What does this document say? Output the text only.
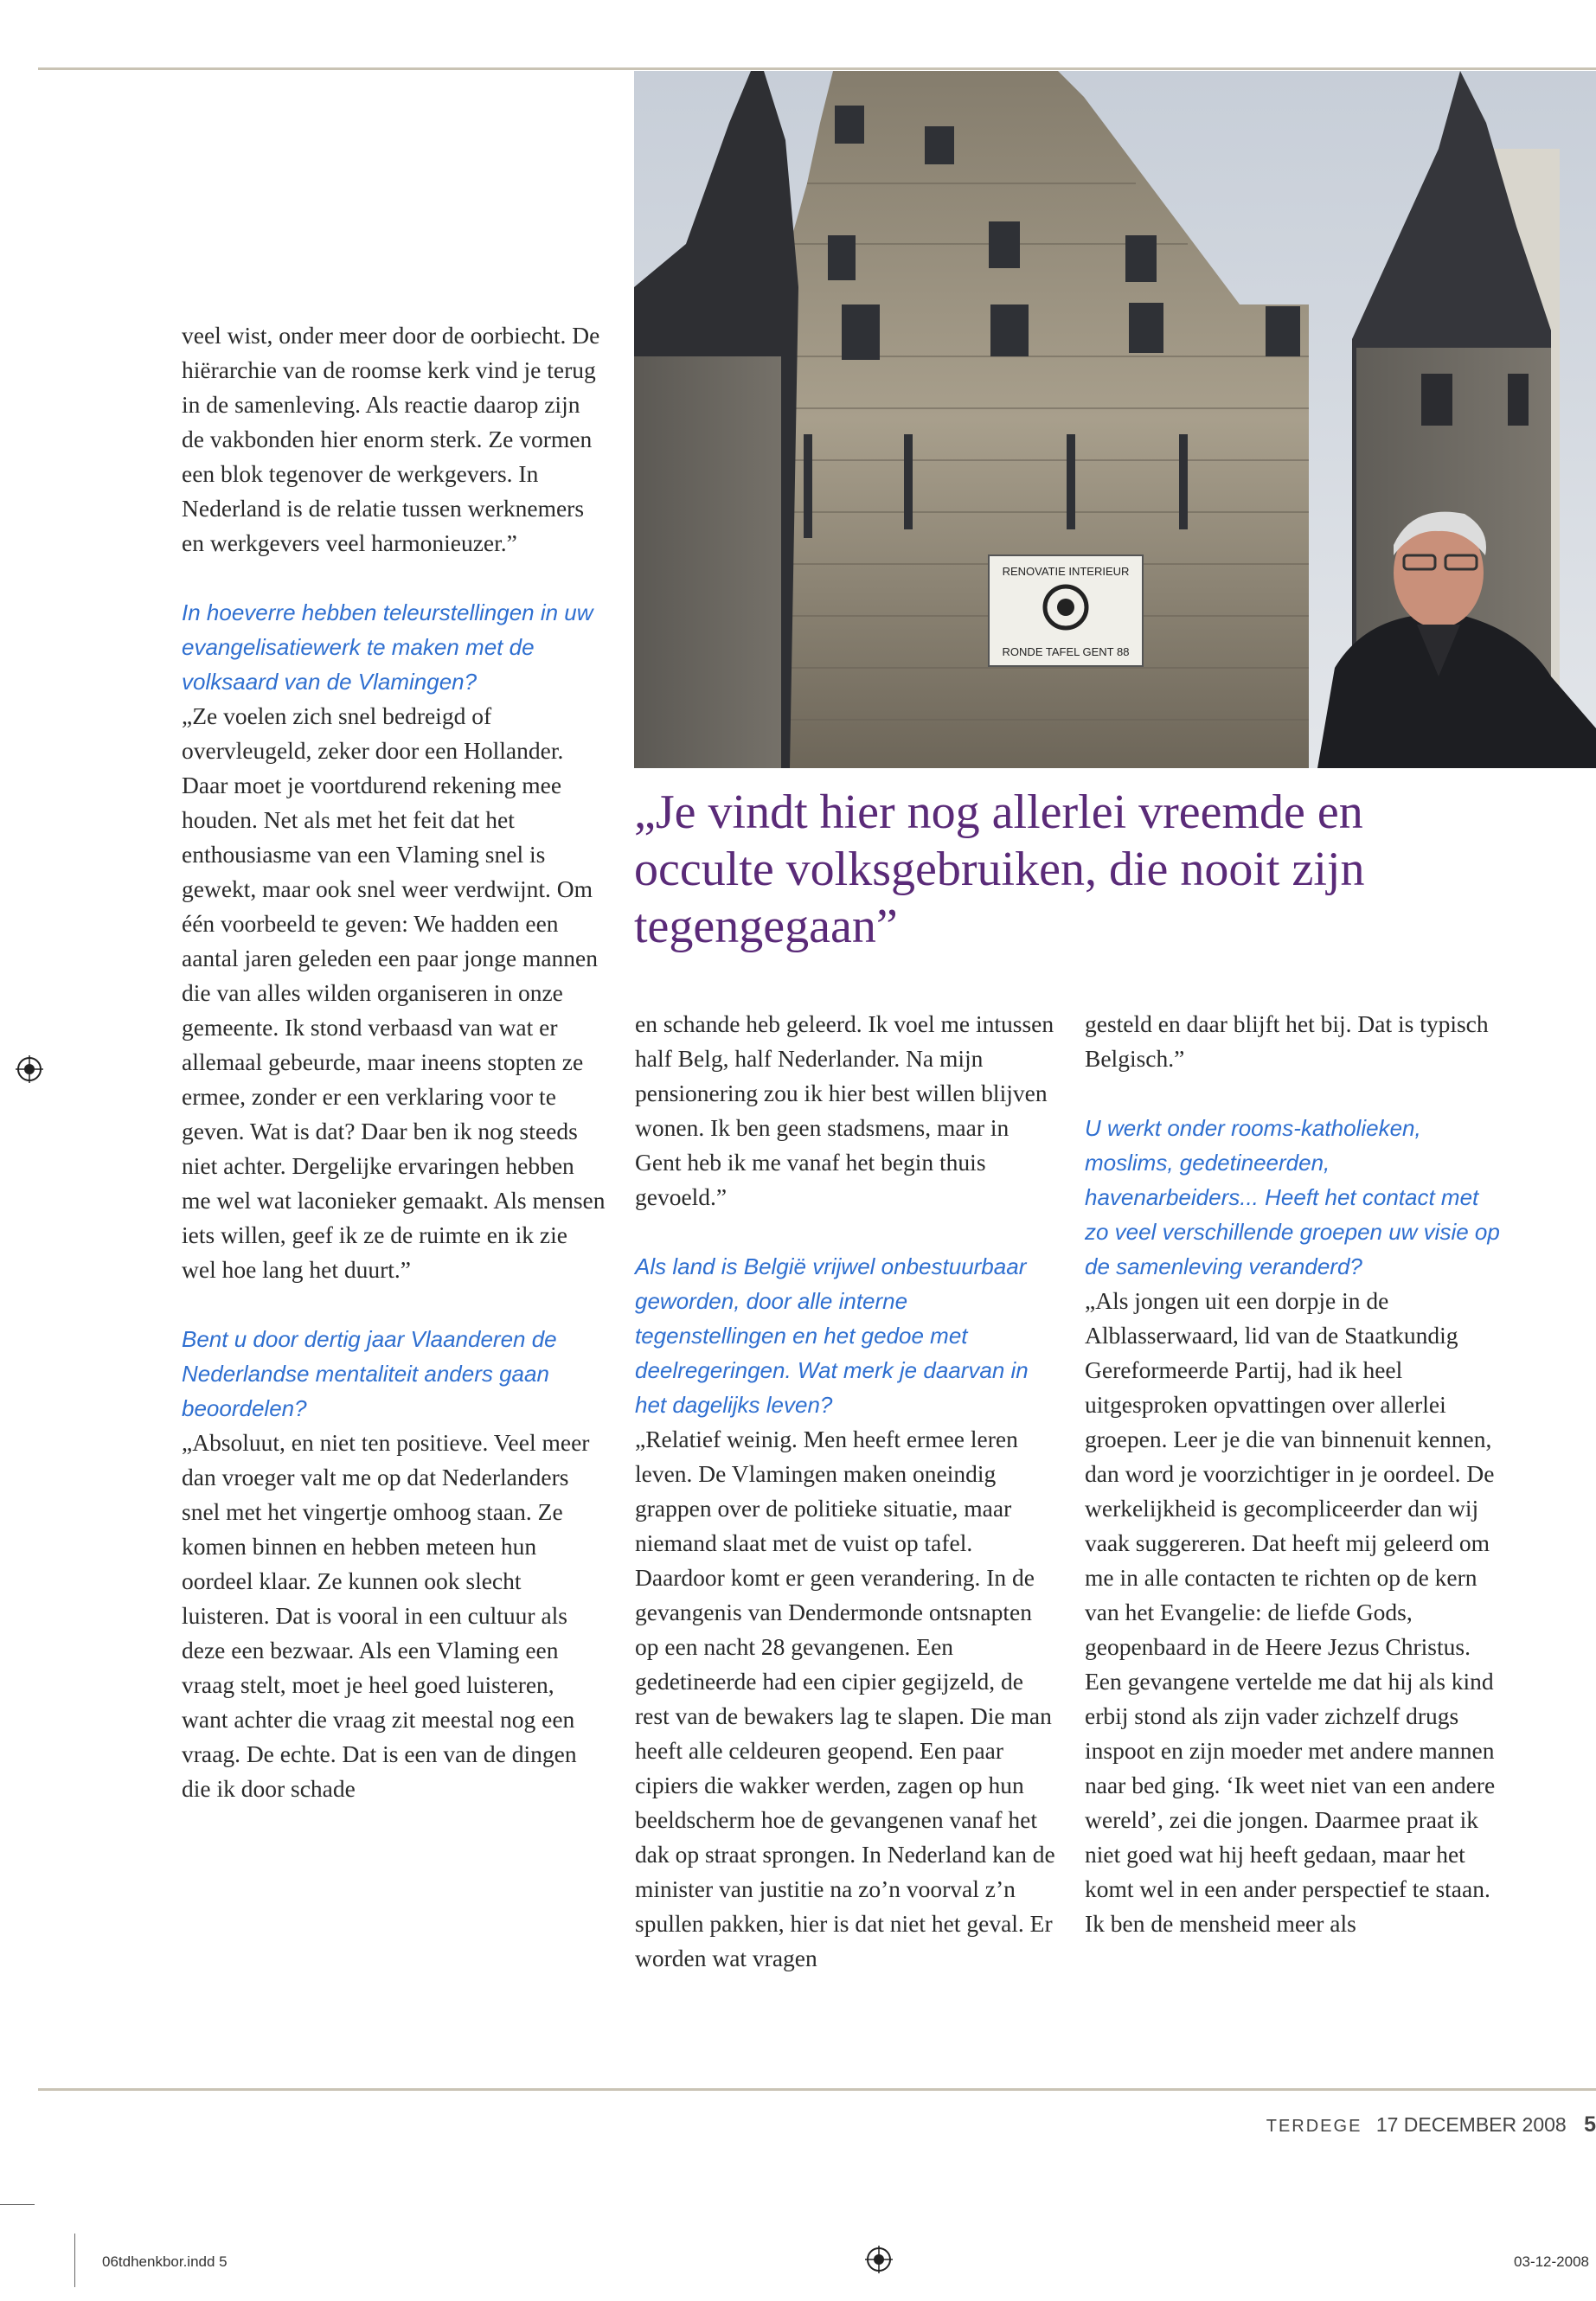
RENOVATIE INTERIEUR
RONDE TAFEL GENT 88
„Je vindt hier nog allerlei vreemde en occulte volksgebruiken, die nooit zijn tegengegaan”

veel wist, onder meer door de oorbiecht. De hiërarchie van de roomse kerk vind je terug in de samenleving. Als reactie daarop zijn de vakbonden hier enorm sterk. Ze vormen een blok tegenover de werkgevers. In Nederland is de relatie tussen werknemers en werkgevers veel harmonieuzer.”

In hoeverre hebben teleurstellingen in uw evangelisatiewerk te maken met de volksaard van de Vlamingen?

„Ze voelen zich snel bedreigd of overvleugeld, zeker door een Hollander. Daar moet je voortdurend rekening mee houden. Net als met het feit dat het enthousiasme van een Vlaming snel is gewekt, maar ook snel weer verdwijnt. Om één voorbeeld te geven: We hadden een aantal jaren geleden een paar jonge mannen die van alles wilden organiseren in onze gemeente. Ik stond verbaasd van wat er allemaal gebeurde, maar ineens stopten ze ermee, zonder er een verklaring voor te geven. Wat is dat? Daar ben ik nog steeds niet achter. Dergelijke ervaringen hebben me wel wat laconieker gemaakt. Als mensen iets willen, geef ik ze de ruimte en ik zie wel hoe lang het duurt.”

Bent u door dertig jaar Vlaanderen de Nederlandse mentaliteit anders gaan beoordelen?

„Absoluut, en niet ten positieve. Veel meer dan vroeger valt me op dat Nederlanders snel met het vingertje omhoog staan. Ze komen binnen en hebben meteen hun oordeel klaar. Ze kunnen ook slecht luisteren. Dat is vooral in een cultuur als deze een bezwaar. Als een Vlaming een vraag stelt, moet je heel goed luisteren, want achter die vraag zit meestal nog een vraag. De echte. Dat is een van de dingen die ik door schade

en schande heb geleerd. Ik voel me intussen half Belg, half Nederlander. Na mijn pensionering zou ik hier best willen blijven wonen. Ik ben geen stadsmens, maar in Gent heb ik me vanaf het begin thuis gevoeld.”

Als land is België vrijwel onbestuurbaar geworden, door alle interne tegenstellingen en het gedoe met deelregeringen. Wat merk je daarvan in het dagelijks leven?

„Relatief weinig. Men heeft ermee leren leven. De Vlamingen maken oneindig grappen over de politieke situatie, maar niemand slaat met de vuist op tafel. Daardoor komt er geen verandering. In de gevangenis van Dendermonde ontsnapten op een nacht 28 gevangenen. Een gedetineerde had een cipier gegijzeld, de rest van de bewakers lag te slapen. Die man heeft alle celdeuren geopend. Een paar cipiers die wakker werden, zagen op hun beeldscherm hoe de gevangenen vanaf het dak op straat sprongen. In Nederland kan de minister van justitie na zo’n voorval z’n spullen pakken, hier is dat niet het geval. Er worden wat vragen

gesteld en daar blijft het bij. Dat is typisch Belgisch.”

U werkt onder rooms-katholieken, moslims, gedetineerden, havenarbeiders... Heeft het contact met zo veel verschillende groepen uw visie op de samenleving veranderd?

„Als jongen uit een dorpje in de Alblasserwaard, lid van de Staatkundig Gereformeerde Partij, had ik heel uitgesproken opvattingen over allerlei groepen. Leer je die van binnenuit kennen, dan word je voorzichtiger in je oordeel. De werkelijkheid is gecompliceerder dan wij vaak suggereren. Dat heeft mij geleerd om me in alle contacten te richten op de kern van het Evangelie: de liefde Gods, geopenbaard in de Heere Jezus Christus.

Een gevangene vertelde me dat hij als kind erbij stond als zijn vader zichzelf drugs inspoot en zijn moeder met andere mannen naar bed ging. ‘Ik weet niet van een andere wereld’, zei die jongen. Daarmee praat ik niet goed wat hij heeft gedaan, maar het komt wel in een ander perspectief te staan. Ik ben de mensheid meer als

TERDEGE 17 DECEMBER 2008 5
06tdhenkbor.indd 5	03-12-2008
